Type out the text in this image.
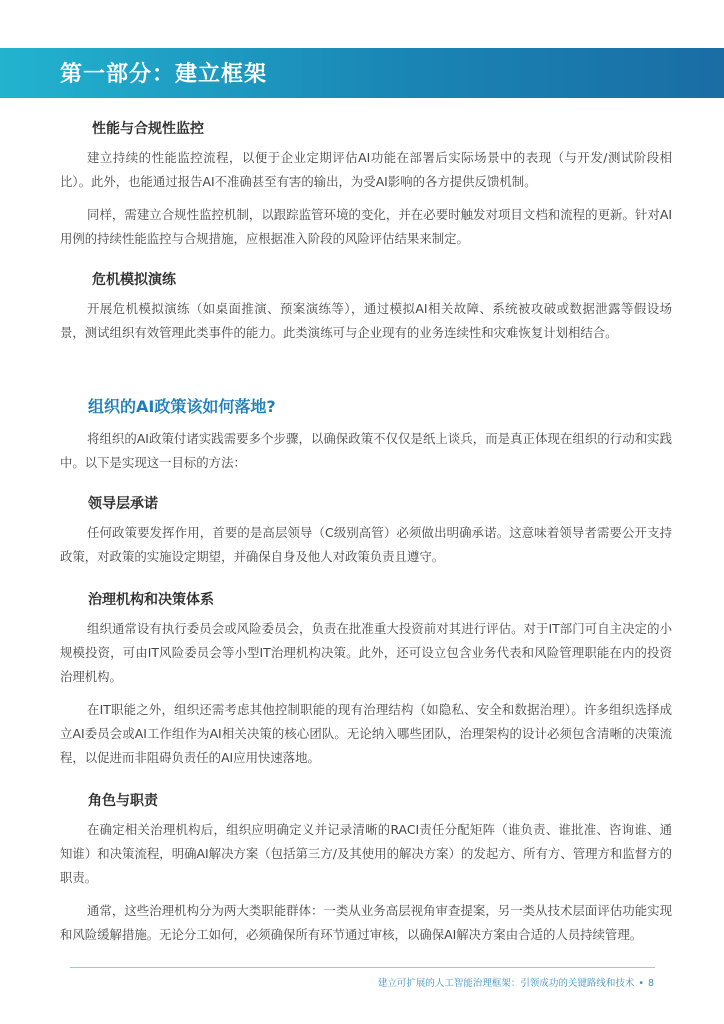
第一部分：建立框架
性能与合规性监控

建立持续的性能监控流程，以便于企业定期评估AI功能在部署后实际场景中的表现（与开发/测试阶段相比）。此外，也能通过报告AI不准确甚至有害的输出，为受AI影响的各方提供反馈机制。

同样，需建立合规性监控机制，以跟踪监管环境的变化，并在必要时触发对项目文档和流程的更新。针对AI用例的持续性能监控与合规措施，应根据准入阶段的风险评估结果来制定。

危机模拟演练

开展危机模拟演练（如桌面推演、预案演练等），通过模拟AI相关故障、系统被攻破或数据泄露等假设场景，测试组织有效管理此类事件的能力。此类演练可与企业现有的业务连续性和灾难恢复计划相结合。

组织的AI政策该如何落地?

将组织的AI政策付诸实践需要多个步骤，以确保政策不仅仅是纸上谈兵，而是真正体现在组织的行动和实践中。以下是实现这一目标的方法：

领导层承诺

任何政策要发挥作用，首要的是高层领导（C级别高管）必须做出明确承诺。这意味着领导者需要公开支持政策，对政策的实施设定期望，并确保自身及他人对政策负责且遵守。

治理机构和决策体系

组织通常设有执行委员会或风险委员会，负责在批准重大投资前对其进行评估。对于IT部门可自主决定的小规模投资，可由IT风险委员会等小型IT治理机构决策。此外，还可设立包含业务代表和风险管理职能在内的投资治理机构。

在IT职能之外，组织还需考虑其他控制职能的现有治理结构（如隐私、安全和数据治理）。许多组织选择成立AI委员会或AI工作组作为AI相关决策的核心团队。无论纳入哪些团队，治理架构的设计必须包含清晰的决策流程，以促进而非阻碍负责任的AI应用快速落地。

角色与职责

在确定相关治理机构后，组织应明确定义并记录清晰的RACI责任分配矩阵（谁负责、谁批准、咨询谁、通知谁）和决策流程，明确AI解决方案（包括第三方/及其使用的解决方案）的发起方、所有方、管理方和监督方的职责。

通常，这些治理机构分为两大类职能群体：一类从业务高层视角审查提案，另一类从技术层面评估功能实现和风险缓解措施。无论分工如何，必须确保所有环节通过审核，以确保AI解决方案由合适的人员持续管理。

建立可扩展的人工智能治理框架：引领成功的关键路线和技术 • 8
